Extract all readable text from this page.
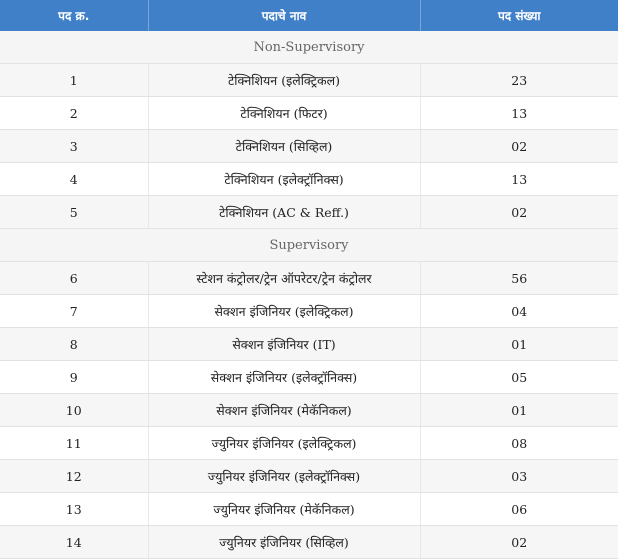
पद क्र.	पदाचे नाव	पद संख्या
Non-Supervisory		
1	टेक्निशियन (इलेक्ट्रिकल)	23
2	टेक्निशियन (फिटर)	13
3	टेक्निशियन (सिव्हिल)	02
4	टेक्निशियन (इलेक्ट्रॉनिक्स)	13
5	टेक्निशियन (AC & Reff.)	02
Supervisory		
6	स्टेशन कंट्रोलर/ट्रेन ऑपरेटर/ट्रेन कंट्रोलर	56
7	सेक्शन इंजिनियर (इलेक्ट्रिकल)	04
8	सेक्शन इंजिनियर (IT)	01
9	सेक्शन इंजिनियर (इलेक्ट्रॉनिक्स)	05
10	सेक्शन इंजिनियर (मेकॅनिकल)	01
11	ज्युनियर इंजिनियर (इलेक्ट्रिकल)	08
12	ज्युनियर इंजिनियर (इलेक्ट्रॉनिक्स)	03
13	ज्युनियर इंजिनियर (मेकॅनिकल)	06
14	ज्युनियर इंजिनियर (सिव्हिल)	02
